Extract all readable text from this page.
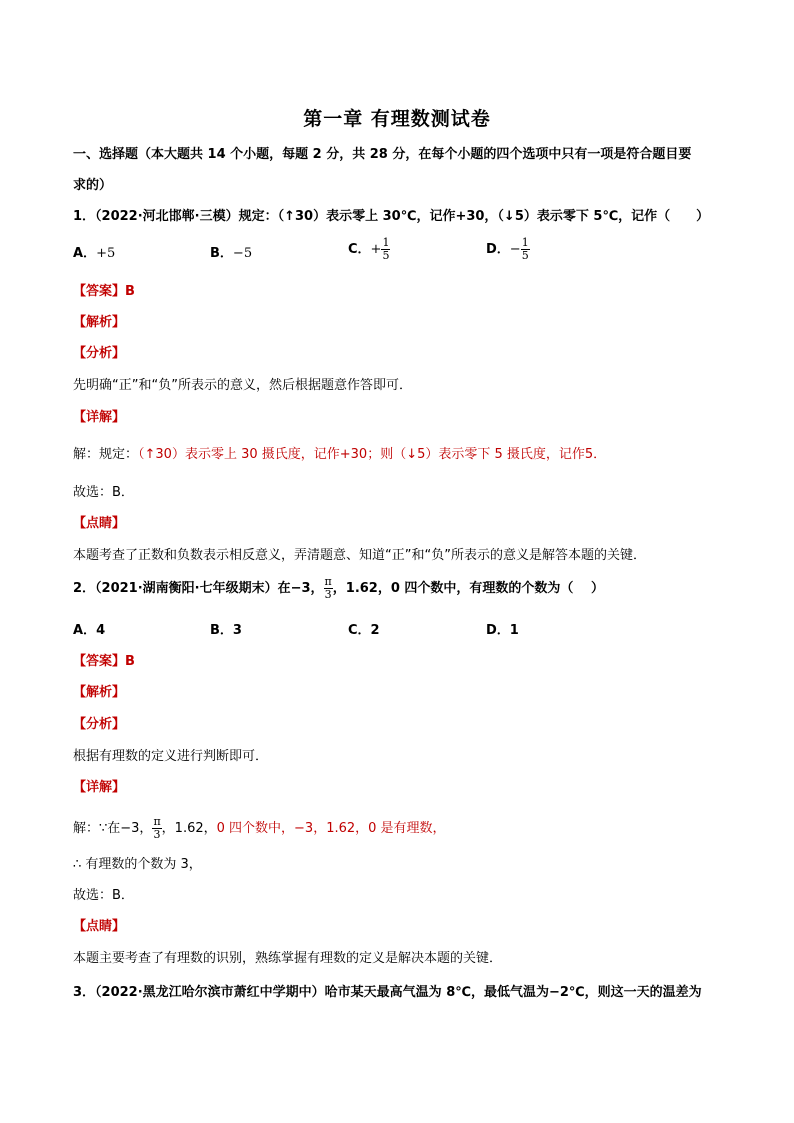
第一章 有理数测试卷
一、选择题（本大题共 14 个小题，每题 2 分，共 28 分，在每个小题的四个选项中只有一项是符合题目要
求的）
1．（2022·河北邯郸·三模）规定：（↑30）表示零上 30℃，记作+30，（↓5）表示零下 5℃，记作（　　）
A．+5	B．−5	C．+ $\frac{1}{5}$	D．− $\frac{1}{5}$
【答案】B
【解析】
【分析】
先明确“正”和“负”所表示的意义，然后根据题意作答即可．
【详解】
解：规定：（↑30）表示零上 30 摄氏度，记作+30；则（↓5）表示零下 5 摄氏度，记作5．
故选：B．
【点睛】
本题考查了正数和负数表示相反意义，弄清题意、知道“正”和“负”所表示的意义是解答本题的关键．
2．（2021·湖南衡阳·七年级期末）在−3， $\frac{\pi}{3}$ ，1.62，0 四个数中，有理数的个数为（　 ）
A．4	B．3	C．2	D．1
【答案】B
【解析】
【分析】
根据有理数的定义进行判断即可．
【详解】
解：∵在−3， $\frac{\pi}{3}$ ，1.62，0 四个数中，−3，1.62，0 是有理数，
∴ 有理数的个数为 3，
故选：B．
【点睛】
本题主要考查了有理数的识别，熟练掌握有理数的定义是解决本题的关键．
3．（2022·黑龙江哈尔滨市萧红中学期中）哈市某天最高气温为 8℃，最低气温为−2℃，则这一天的温差为
